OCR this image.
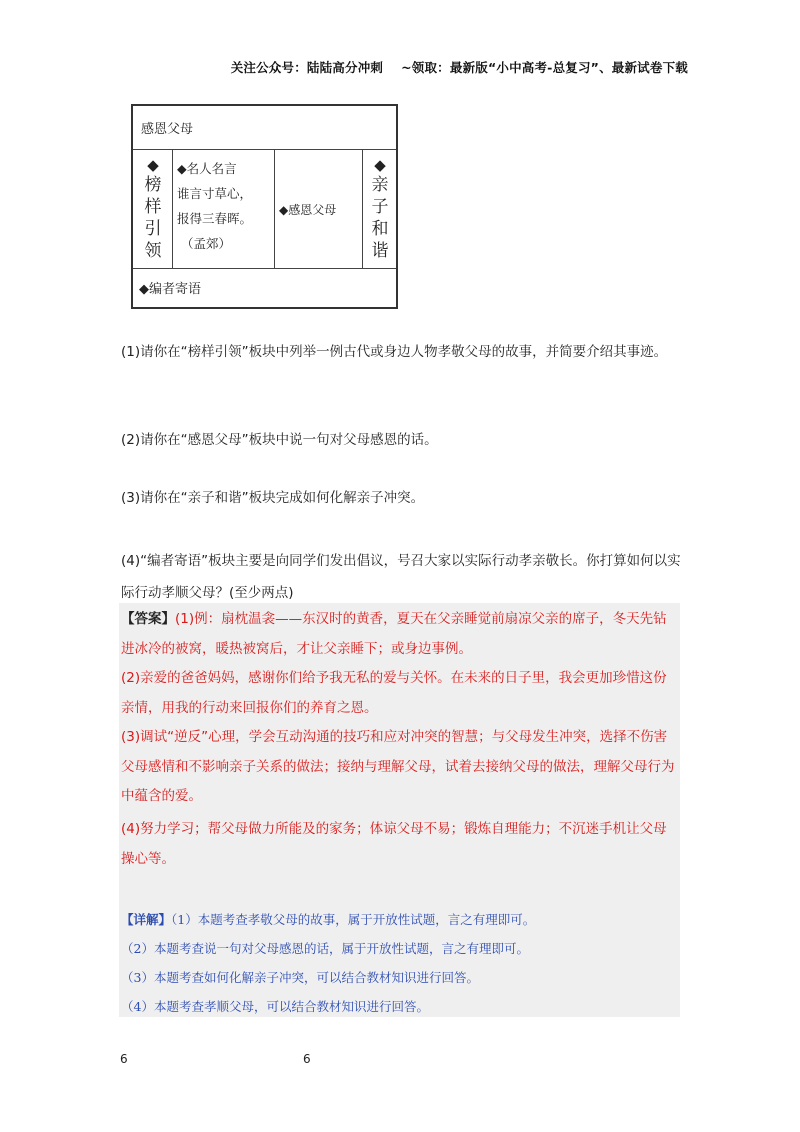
关注公众号：陆陆高分冲刺 ~领取：最新版“小中高考-总复习”、最新试卷下载
感恩父母
◆
榜
样
引
领
◆名人名言
谁言寸草心，
报得三春晖。
（孟郊）
◆感恩父母
◆
亲
子
和
谐
◆编者寄语
(1)请你在“榜样引领”板块中列举一例古代或身边人物孝敬父母的故事，并简要介绍其事迹。
(2)请你在“感恩父母”板块中说一句对父母感恩的话。
(3)请你在“亲子和谐”板块完成如何化解亲子冲突。
(4)“编者寄语”板块主要是向同学们发出倡议，号召大家以实际行动孝亲敬长。你打算如何以实际行动孝顺父母？(至少两点)
【答案】(1)例：扇枕温衾——东汉时的黄香，夏天在父亲睡觉前扇凉父亲的席子，冬天先钻进冰冷的被窝，暖热被窝后，才让父亲睡下；或身边事例。
(2)亲爱的爸爸妈妈，感谢你们给予我无私的爱与关怀。在未来的日子里，我会更加珍惜这份亲情，用我的行动来回报你们的养育之恩。
(3)调试“逆反”心理，学会互动沟通的技巧和应对冲突的智慧；与父母发生冲突，选择不伤害父母感情和不影响亲子关系的做法；接纳与理解父母，试着去接纳父母的做法，理解父母行为中蕴含的爱。
(4)努力学习；帮父母做力所能及的家务；体谅父母不易；锻炼自理能力；不沉迷手机让父母操心等。
【详解】（1）本题考查孝敬父母的故事，属于开放性试题，言之有理即可。
（2）本题考查说一句对父母感恩的话，属于开放性试题，言之有理即可。
（3）本题考查如何化解亲子冲突，可以结合教材知识进行回答。
（4）本题考查孝顺父母，可以结合教材知识进行回答。
6	6
